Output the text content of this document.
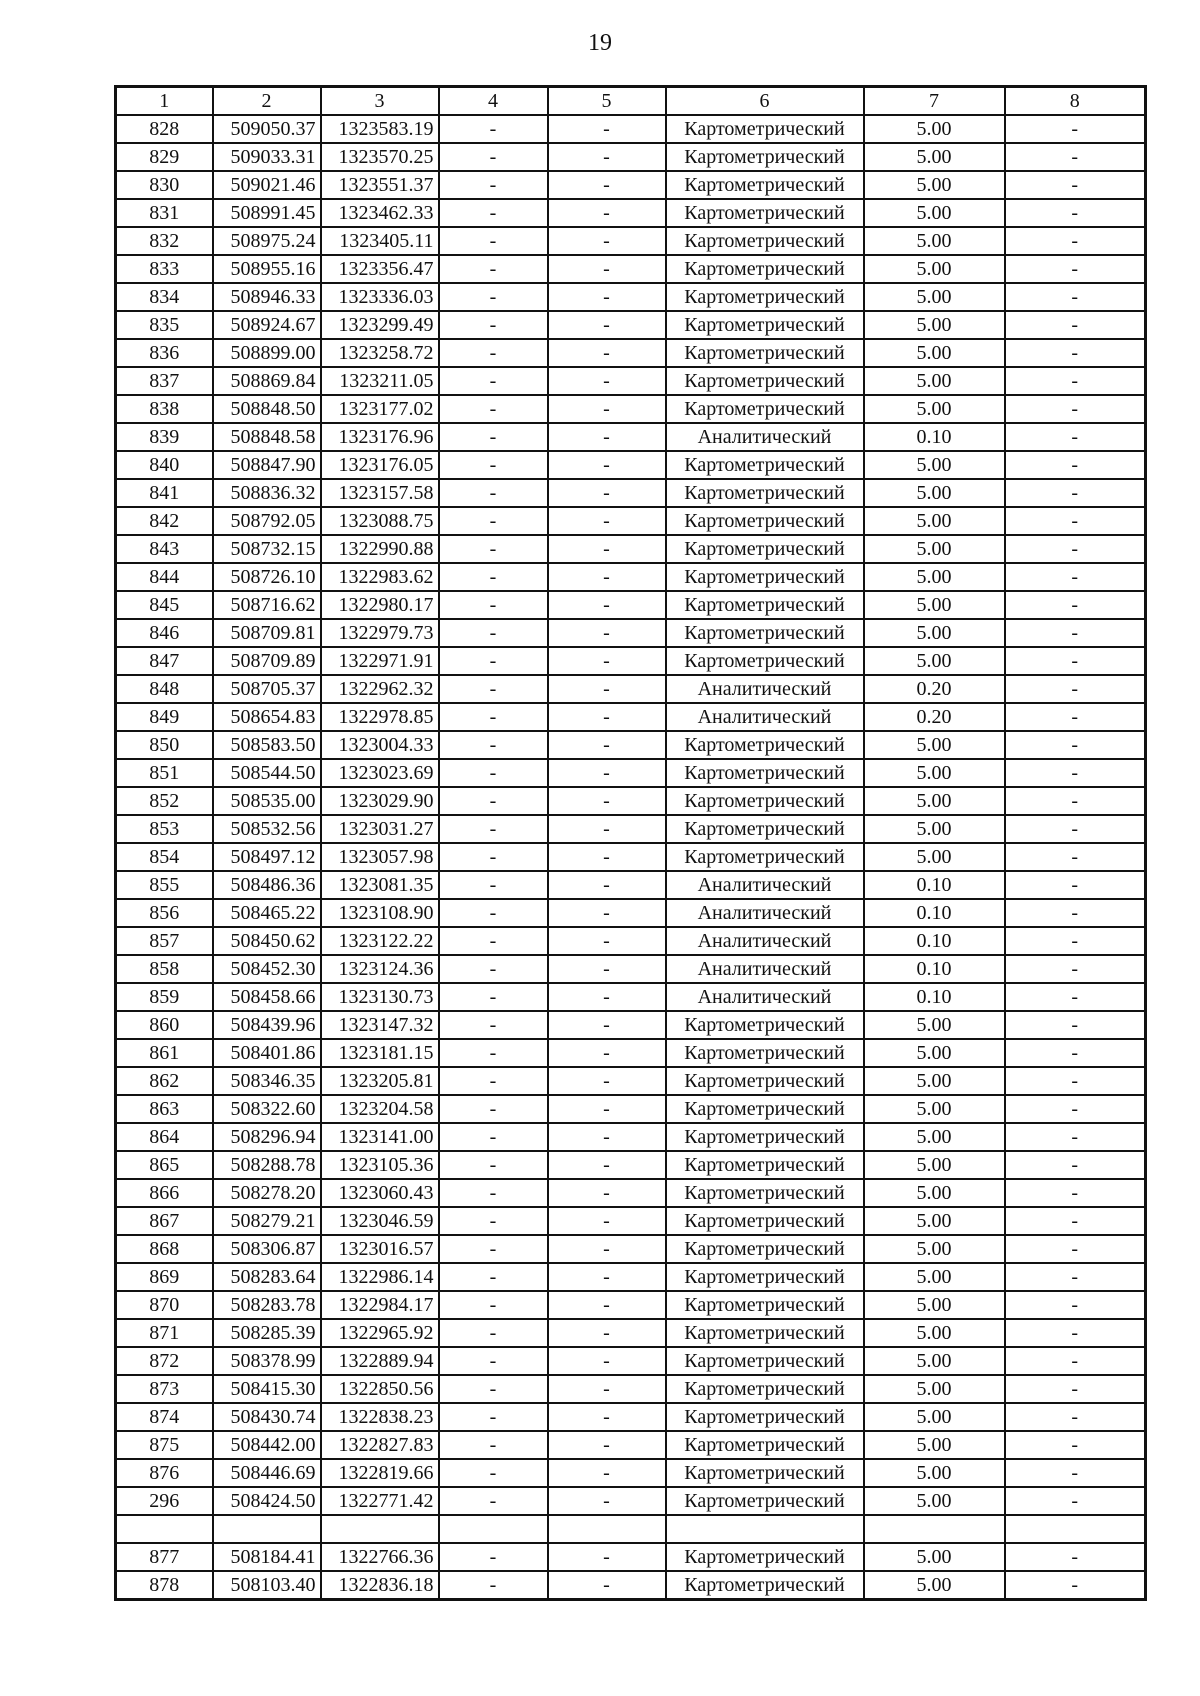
19
1	2	3	4	5	6	7	8
828	509050.37	1323583.19	-	-	Картометрический	5.00	-
829	509033.31	1323570.25	-	-	Картометрический	5.00	-
830	509021.46	1323551.37	-	-	Картометрический	5.00	-
831	508991.45	1323462.33	-	-	Картометрический	5.00	-
832	508975.24	1323405.11	-	-	Картометрический	5.00	-
833	508955.16	1323356.47	-	-	Картометрический	5.00	-
834	508946.33	1323336.03	-	-	Картометрический	5.00	-
835	508924.67	1323299.49	-	-	Картометрический	5.00	-
836	508899.00	1323258.72	-	-	Картометрический	5.00	-
837	508869.84	1323211.05	-	-	Картометрический	5.00	-
838	508848.50	1323177.02	-	-	Картометрический	5.00	-
839	508848.58	1323176.96	-	-	Аналитический	0.10	-
840	508847.90	1323176.05	-	-	Картометрический	5.00	-
841	508836.32	1323157.58	-	-	Картометрический	5.00	-
842	508792.05	1323088.75	-	-	Картометрический	5.00	-
843	508732.15	1322990.88	-	-	Картометрический	5.00	-
844	508726.10	1322983.62	-	-	Картометрический	5.00	-
845	508716.62	1322980.17	-	-	Картометрический	5.00	-
846	508709.81	1322979.73	-	-	Картометрический	5.00	-
847	508709.89	1322971.91	-	-	Картометрический	5.00	-
848	508705.37	1322962.32	-	-	Аналитический	0.20	-
849	508654.83	1322978.85	-	-	Аналитический	0.20	-
850	508583.50	1323004.33	-	-	Картометрический	5.00	-
851	508544.50	1323023.69	-	-	Картометрический	5.00	-
852	508535.00	1323029.90	-	-	Картометрический	5.00	-
853	508532.56	1323031.27	-	-	Картометрический	5.00	-
854	508497.12	1323057.98	-	-	Картометрический	5.00	-
855	508486.36	1323081.35	-	-	Аналитический	0.10	-
856	508465.22	1323108.90	-	-	Аналитический	0.10	-
857	508450.62	1323122.22	-	-	Аналитический	0.10	-
858	508452.30	1323124.36	-	-	Аналитический	0.10	-
859	508458.66	1323130.73	-	-	Аналитический	0.10	-
860	508439.96	1323147.32	-	-	Картометрический	5.00	-
861	508401.86	1323181.15	-	-	Картометрический	5.00	-
862	508346.35	1323205.81	-	-	Картометрический	5.00	-
863	508322.60	1323204.58	-	-	Картометрический	5.00	-
864	508296.94	1323141.00	-	-	Картометрический	5.00	-
865	508288.78	1323105.36	-	-	Картометрический	5.00	-
866	508278.20	1323060.43	-	-	Картометрический	5.00	-
867	508279.21	1323046.59	-	-	Картометрический	5.00	-
868	508306.87	1323016.57	-	-	Картометрический	5.00	-
869	508283.64	1322986.14	-	-	Картометрический	5.00	-
870	508283.78	1322984.17	-	-	Картометрический	5.00	-
871	508285.39	1322965.92	-	-	Картометрический	5.00	-
872	508378.99	1322889.94	-	-	Картометрический	5.00	-
873	508415.30	1322850.56	-	-	Картометрический	5.00	-
874	508430.74	1322838.23	-	-	Картометрический	5.00	-
875	508442.00	1322827.83	-	-	Картометрический	5.00	-
876	508446.69	1322819.66	-	-	Картометрический	5.00	-
296	508424.50	1322771.42	-	-	Картометрический	5.00	-

877	508184.41	1322766.36	-	-	Картометрический	5.00	-
878	508103.40	1322836.18	-	-	Картометрический	5.00	-
